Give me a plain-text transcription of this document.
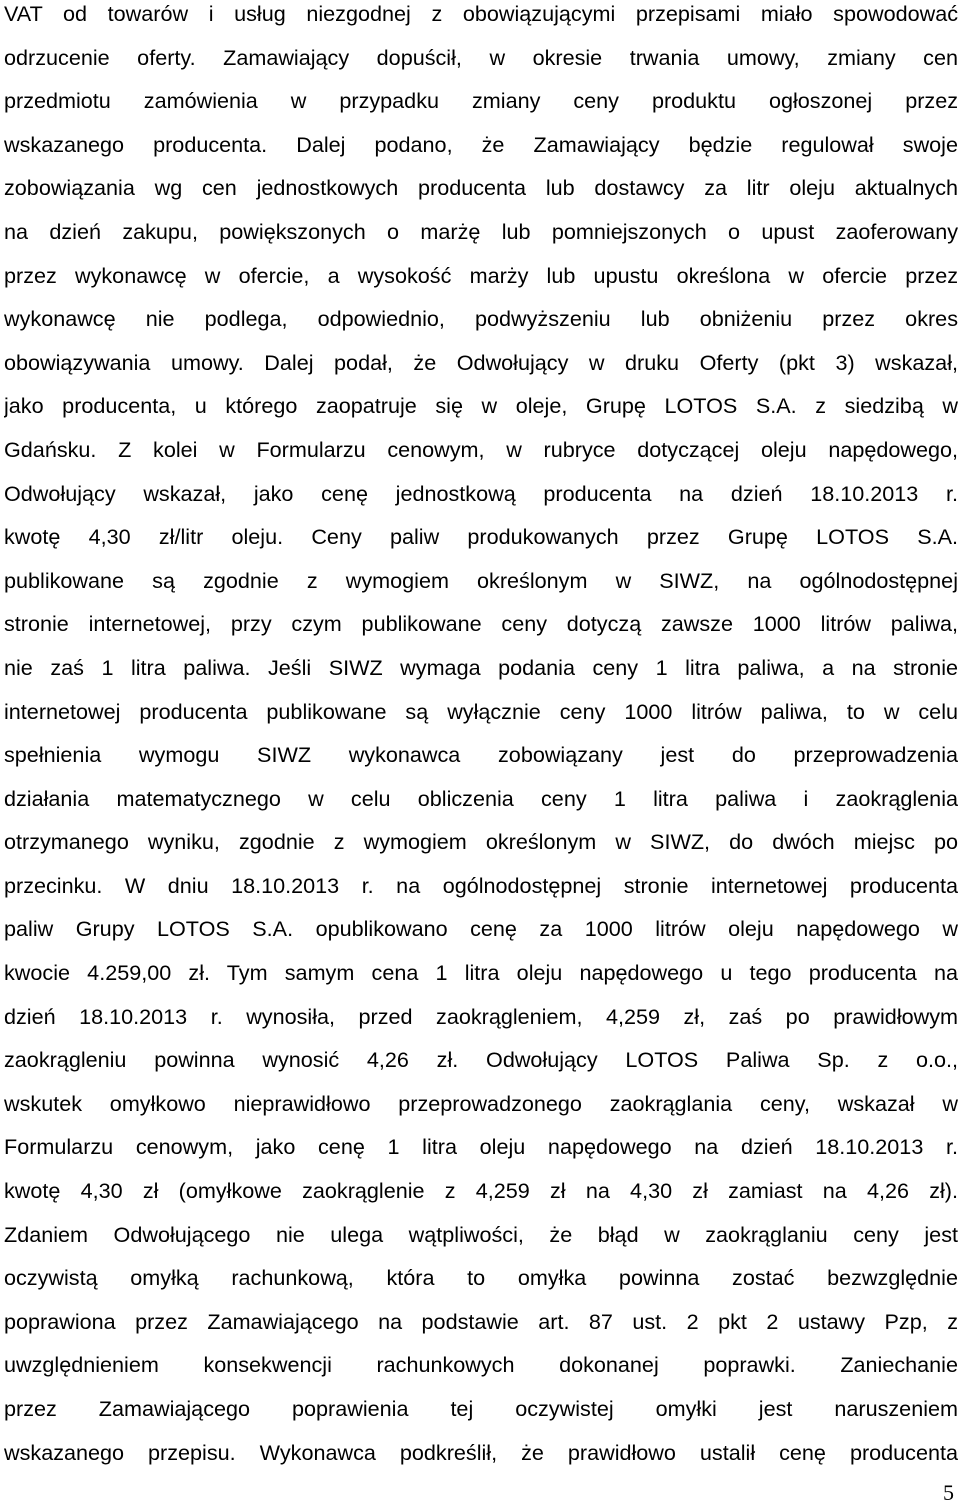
VAT od towarów i usług niezgodnej z obowiązującymi przepisami miało spowodować
odrzucenie oferty. Zamawiający dopuścił, w okresie trwania umowy, zmiany cen
przedmiotu zamówienia w przypadku zmiany ceny produktu ogłoszonej przez
wskazanego producenta. Dalej podano, że Zamawiający będzie regulował swoje
zobowiązania wg cen jednostkowych producenta lub dostawcy za litr oleju aktualnych
na dzień zakupu, powiększonych o marżę lub pomniejszonych o upust zaoferowany
przez wykonawcę w ofercie, a wysokość marży lub upustu określona w ofercie przez
wykonawcę nie podlega, odpowiednio, podwyższeniu lub obniżeniu przez okres
obowiązywania umowy. Dalej podał, że Odwołujący w druku Oferty (pkt 3) wskazał,
jako producenta, u którego zaopatruje się w oleje, Grupę LOTOS S.A. z siedzibą w
Gdańsku. Z kolei w Formularzu cenowym, w rubryce dotyczącej oleju napędowego,
Odwołujący wskazał, jako cenę jednostkową producenta na dzień 18.10.2013 r.
kwotę 4,30 zł/litr oleju. Ceny paliw produkowanych przez Grupę LOTOS S.A.
publikowane są zgodnie z wymogiem określonym w SIWZ, na ogólnodostępnej
stronie internetowej, przy czym publikowane ceny dotyczą zawsze 1000 litrów paliwa,
nie zaś 1 litra paliwa. Jeśli SIWZ wymaga podania ceny 1 litra paliwa, a na stronie
internetowej producenta publikowane są wyłącznie ceny 1000 litrów paliwa, to w celu
spełnienia wymogu SIWZ wykonawca zobowiązany jest do przeprowadzenia
działania matematycznego w celu obliczenia ceny 1 litra paliwa i zaokrąglenia
otrzymanego wyniku, zgodnie z wymogiem określonym w SIWZ, do dwóch miejsc po
przecinku. W dniu 18.10.2013 r. na ogólnodostępnej stronie internetowej producenta
paliw Grupy LOTOS S.A. opublikowano cenę za 1000 litrów oleju napędowego w
kwocie 4.259,00 zł. Tym samym cena 1 litra oleju napędowego u tego producenta na
dzień 18.10.2013 r. wynosiła, przed zaokrągleniem, 4,259 zł, zaś po prawidłowym
zaokrągleniu powinna wynosić 4,26 zł. Odwołujący LOTOS Paliwa Sp. z o.o.,
wskutek omyłkowo nieprawidłowo przeprowadzonego zaokrąglania ceny, wskazał w
Formularzu cenowym, jako cenę 1 litra oleju napędowego na dzień 18.10.2013 r.
kwotę 4,30 zł (omyłkowe zaokrąglenie z 4,259 zł na 4,30 zł zamiast na 4,26 zł).
Zdaniem Odwołującego nie ulega wątpliwości, że błąd w zaokrąglaniu ceny jest
oczywistą omyłką rachunkową, która to omyłka powinna zostać bezwzględnie
poprawiona przez Zamawiającego na podstawie art. 87 ust. 2 pkt 2 ustawy Pzp, z
uwzględnieniem konsekwencji rachunkowych dokonanej poprawki. Zaniechanie
przez Zamawiającego poprawienia tej oczywistej omyłki jest naruszeniem
wskazanego przepisu. Wykonawca podkreślił, że prawidłowo ustalił cenę producenta
5
